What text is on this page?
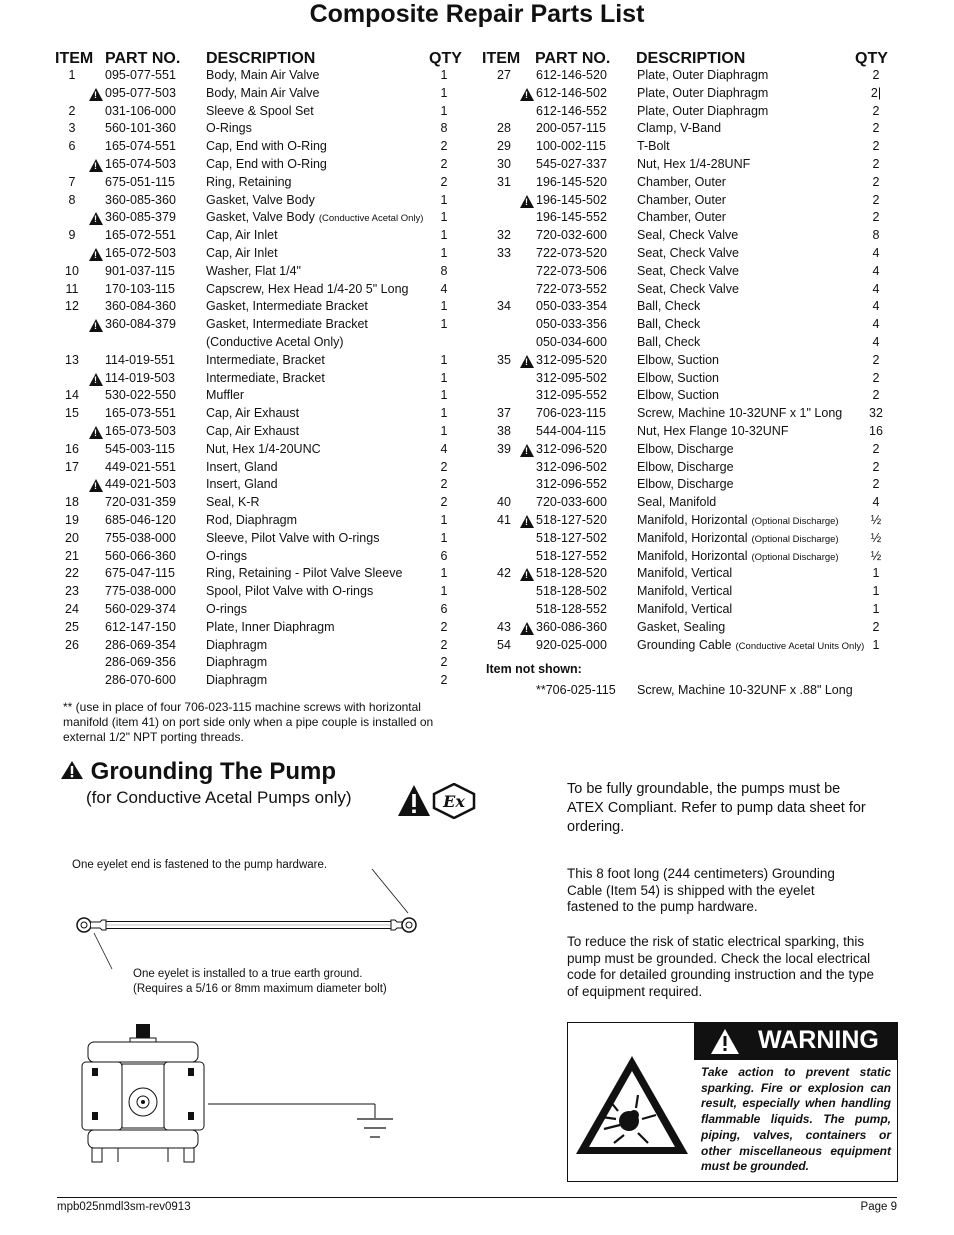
Composite Repair Parts List
ITEM PART NO. DESCRIPTION	QTY ITEM PART NO. DESCRIPTION	QTY
1	095-077-551 Body, Main Air Valve	1
!
095-077-503 Body, Main Air Valve	1
2	031-106-000 Sleeve & Spool Set	1
3	560-101-360 O-Rings	8
6	165-074-551 Cap, End with O-Ring	2
!
165-074-503 Cap, End with O-Ring	2
7	675-051-115 Ring, Retaining	2
8	360-085-360 Gasket, Valve Body	1
!
360-085-379 Gasket, Valve Body (Conductive Acetal Only)	1
9	165-072-551 Cap, Air Inlet	1
!
165-072-503 Cap, Air Inlet	1
10	901-037-115 Washer, Flat 1/4"	8
11	170-103-115 Capscrew, Hex Head 1/4-20 5" Long	4
12	360-084-360 Gasket, Intermediate Bracket	1
!
360-084-379 Gasket, Intermediate Bracket	1
(Conductive Acetal Only)
13	114-019-551 Intermediate, Bracket	1
!
114-019-503 Intermediate, Bracket	1
14	530-022-550 Muffler	1
15	165-073-551 Cap, Air Exhaust	1
!
165-073-503 Cap, Air Exhaust	1
16	545-003-115 Nut, Hex 1/4-20UNC	4
17	449-021-551 Insert, Gland	2
!
449-021-503 Insert, Gland	2
18	720-031-359 Seal, K-R	2
19	685-046-120 Rod, Diaphragm	1
20	755-038-000 Sleeve, Pilot Valve with O-rings	1
21	560-066-360 O-rings	6
22	675-047-115 Ring, Retaining - Pilot Valve Sleeve	1
23	775-038-000 Spool, Pilot Valve with O-rings	1
24	560-029-374 O-rings	6
25	612-147-150 Plate, Inner Diaphragm	2
26	286-069-354 Diaphragm	2
286-069-356 Diaphragm	2
286-070-600 Diaphragm	2
27	612-146-520 Plate, Outer Diaphragm	2
!
612-146-502 Plate, Outer Diaphragm	2|
612-146-552 Plate, Outer Diaphragm	2
28	200-057-115 Clamp, V-Band	2
29	100-002-115 T-Bolt	2
30	545-027-337 Nut, Hex 1/4-28UNF	2
31	196-145-520 Chamber, Outer	2
!
196-145-502 Chamber, Outer	2
196-145-552 Chamber, Outer	2
32	720-032-600 Seal, Check Valve	8
33	722-073-520 Seat, Check Valve	4
722-073-506 Seat, Check Valve	4
722-073-552 Seat, Check Valve	4
34	050-033-354 Ball, Check	4
050-033-356 Ball, Check	4
050-034-600 Ball, Check	4
35 !	312-095-520 Elbow, Suction	2
312-095-502 Elbow, Suction	2
312-095-552 Elbow, Suction	2
37	706-023-115 Screw, Machine 10-32UNF x 1" Long	32
38	544-004-115 Nut, Hex Flange 10-32UNF	16
39 !	312-096-520 Elbow, Discharge	2
312-096-502 Elbow, Discharge	2
312-096-552 Elbow, Discharge	2
40	720-033-600 Seal, Manifold	4
41 !	518-127-520 Manifold, Horizontal (Optional Discharge)	½
518-127-502 Manifold, Horizontal (Optional Discharge)	½
518-127-552 Manifold, Horizontal (Optional Discharge)	½
42 !	518-128-520 Manifold, Vertical	1
518-128-502 Manifold, Vertical	1
518-128-552 Manifold, Vertical	1
43 !	360-086-360 Gasket, Sealing	2
54	920-025-000 Grounding Cable (Conductive Acetal Units Only) 1
Item not shown:
**706-025-115 Screw, Machine 10-32UNF x .88" Long
** (use in place of four 706-023-115 machine screws with horizontal manifold (item 41) on port side only when a pipe couple is installed on external 1/2" NPT porting threads.
Grounding The Pump
(for Conductive Acetal Pumps only)	Ex
To be fully groundable, the pumps must be ATEX Compliant. Refer to pump data sheet for ordering.
This 8 foot long (244 centimeters) Grounding Cable (Item 54) is shipped with the eyelet fastened to the pump hardware.
To reduce the risk of static electrical sparking, this pump must be grounded. Check the local electrical code for detailed grounding instruction and the type of equipment required.
One eyelet end is fastened to the pump hardware.
One eyelet is installed to a true earth ground.
(Requires a 5/16 or 8mm maximum diameter bolt)
WARNING
Take action to prevent static sparking. Fire or explosion can result, especially when handling flammable liquids. The pump, piping, valves, containers or other miscellaneous equipment must be grounded.
mpb025nmdl3sm-rev0913	Page 9
